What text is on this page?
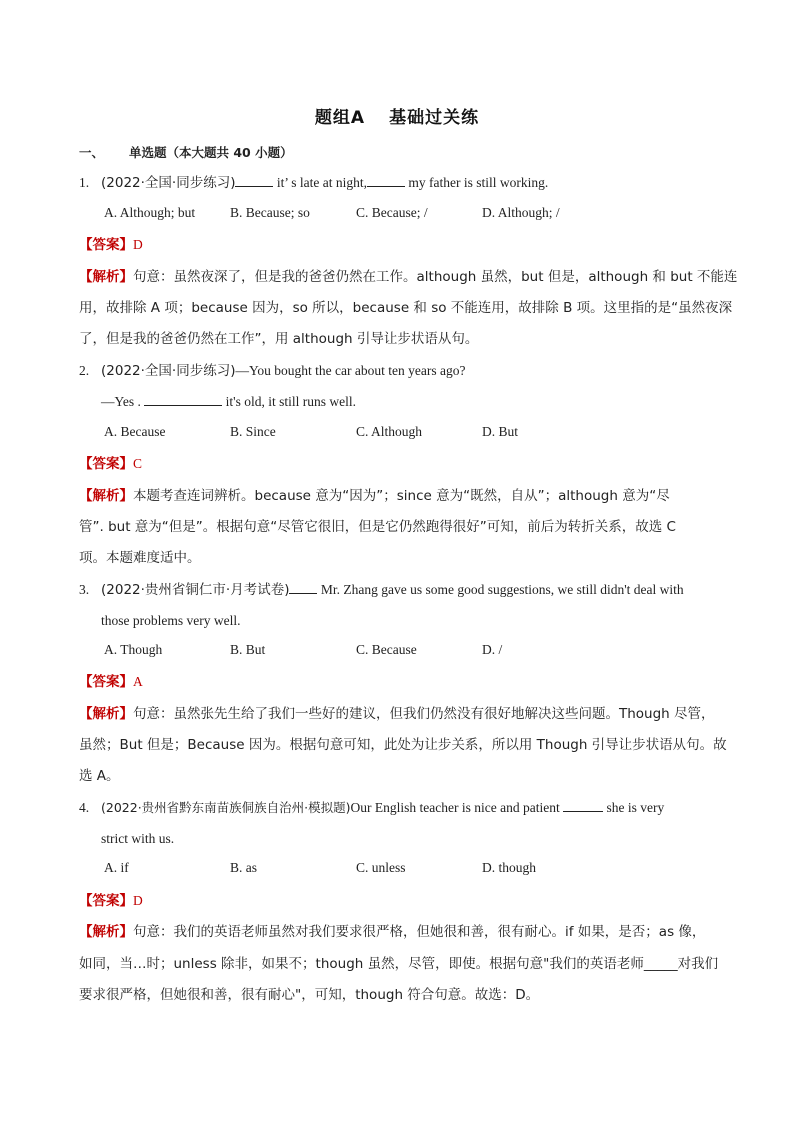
题组A 基础过关练
一、 单选题（本大题共 40 小题）
1. (2022·全国·同步练习)	it’ s late at night,	my father is still working.
A. Although; but	B. Because; so	C. Because; /	D. Although; /
【答案】D
【解析】句意：虽然夜深了，但是我的爸爸仍然在工作。although 虽然，but 但是，although 和 but 不能连
用，故排除 A 项；because 因为，so 所以，because 和 so 不能连用，故排除 B 项。这里指的是“虽然夜深
了，但是我的爸爸仍然在工作”，用 although 引导让步状语从句。
2. (2022·全国·同步练习)—You bought the car about ten years ago?
—Yes .	it's old, it still runs well.
A. Because	B. Since	C. Although	D. But
【答案】C
【解析】本题考查连词辨析。because 意为“因为”；since 意为“既然，自从”；although 意为“尽
管”. but 意为“但是”。根据句意“尽管它很旧，但是它仍然跑得很好”可知，前后为转折关系，故选 C
项。本题难度适中。
3. (2022·贵州省铜仁市·月考试卷) Mr. Zhang gave us some good suggestions, we still didn't deal with
those problems very well.
A. Though	B. But	C. Because	D. /
【答案】A
【解析】句意：虽然张先生给了我们一些好的建议，但我们仍然没有很好地解决这些问题。Though 尽管，
虽然；But 但是；Because 因为。根据句意可知，此处为让步关系，所以用 Though 引导让步状语从句。故
选 A。
4. (2022·贵州省黔东南苗族侗族自治州·模拟题)Our English teacher is nice and patient	she is very
strict with us.
A. if	B. as	C. unless	D. though
【答案】D
【解析】句意：我们的英语老师虽然对我们要求很严格，但她很和善，很有耐心。if 如果，是否；as 像，
如同，当…时；unless 除非，如果不；though 虽然，尽管，即使。根据句意"我们的英语老师_____对我们
要求很严格，但她很和善，很有耐心"，可知，though 符合句意。故选：D。
